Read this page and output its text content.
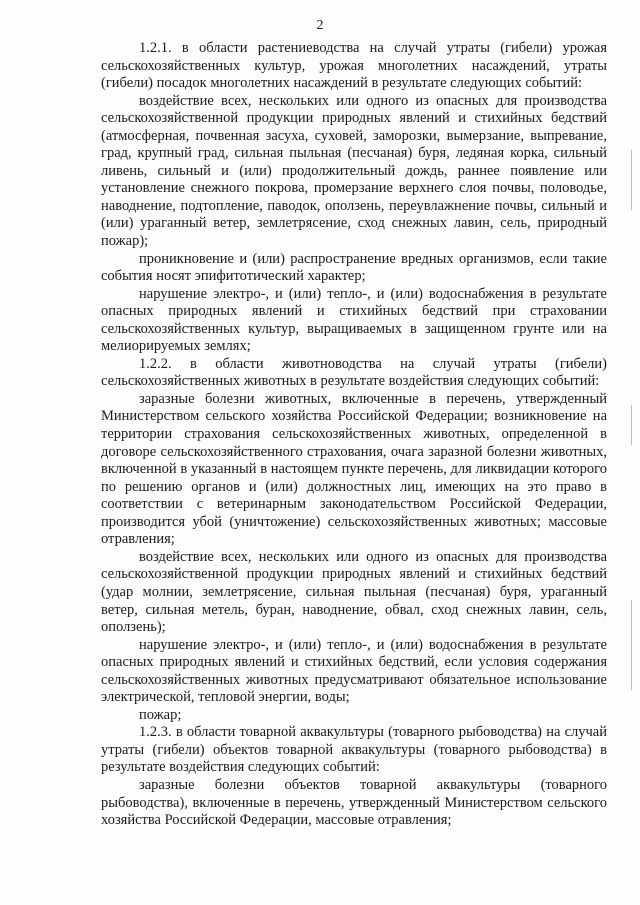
2

1.2.1. в области растениеводства на случай утраты (гибели) урожая сельскохозяйственных культур, урожая многолетних насаждений, утраты (гибели) посадок многолетних насаждений в результате следующих событий:

воздействие всех, нескольких или одного из опасных для производства сельскохозяйственной продукции природных явлений и стихийных бедствий (атмосферная, почвенная засуха, суховей, заморозки, вымерзание, выпревание, град, крупный град, сильная пыльная (песчаная) буря, ледяная корка, сильный ливень, сильный и (или) продолжительный дождь, раннее появление или установление снежного покрова, промерзание верхнего слоя почвы, половодье, наводнение, подтопление, паводок, оползень, переувлажнение почвы, сильный и (или) ураганный ветер, землетрясение, сход снежных лавин, сель, природный пожар);

проникновение и (или) распространение вредных организмов, если такие события носят эпифитотический характер;

нарушение электро-, и (или) тепло-, и (или) водоснабжения в результате опасных природных явлений и стихийных бедствий при страховании сельскохозяйственных культур, выращиваемых в защищенном грунте или на мелиорируемых землях;

1.2.2. в области животноводства на случай утраты (гибели) сельскохозяйственных животных в результате воздействия следующих событий:

заразные болезни животных, включенные в перечень, утвержденный Министерством сельского хозяйства Российской Федерации; возникновение на территории страхования сельскохозяйственных животных, определенной в договоре сельскохозяйственного страхования, очага заразной болезни животных, включенной в указанный в настоящем пункте перечень, для ликвидации которого по решению органов и (или) должностных лиц, имеющих на это право в соответствии с ветеринарным законодательством Российской Федерации, производится убой (уничтожение) сельскохозяйственных животных; массовые отравления;

воздействие всех, нескольких или одного из опасных для производства сельскохозяйственной продукции природных явлений и стихийных бедствий (удар молнии, землетрясение, сильная пыльная (песчаная) буря, ураганный ветер, сильная метель, буран, наводнение, обвал, сход снежных лавин, сель, оползень);

нарушение электро-, и (или) тепло-, и (или) водоснабжения в результате опасных природных явлений и стихийных бедствий, если условия содержания сельскохозяйственных животных предусматривают обязательное использование электрической, тепловой энергии, воды;

пожар;

1.2.3. в области товарной аквакультуры (товарного рыбоводства) на случай утраты (гибели) объектов товарной аквакультуры (товарного рыбоводства) в результате воздействия следующих событий:

заразные болезни объектов товарной аквакультуры (товарного рыбоводства), включенные в перечень, утвержденный Министерством сельского хозяйства Российской Федерации, массовые отравления;
